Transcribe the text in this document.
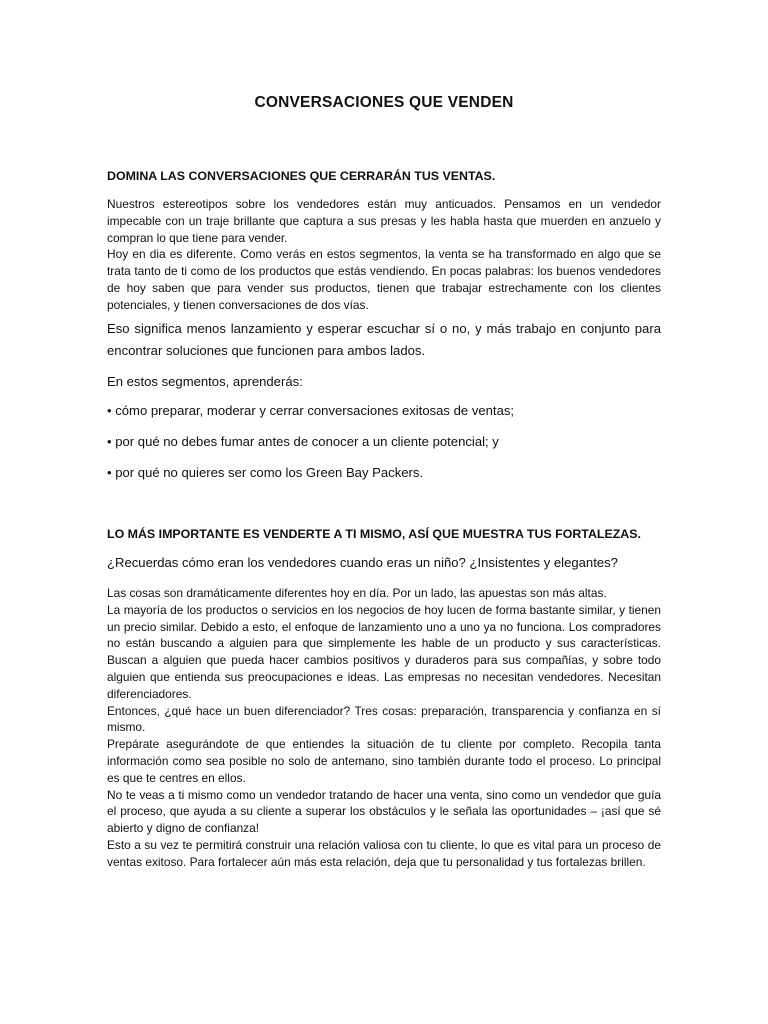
CONVERSACIONES QUE VENDEN

DOMINA LAS CONVERSACIONES QUE CERRARÁN TUS VENTAS.

Nuestros estereotipos sobre los vendedores están muy anticuados. Pensamos en un vendedor impecable con un traje brillante que captura a sus presas y les habla hasta que muerden en anzuelo y compran lo que tiene para vender.

Hoy en dia es diferente. Como verás en estos segmentos, la venta se ha transformado en algo que se trata tanto de ti como de los productos que estás vendiendo. En pocas palabras: los buenos vendedores de hoy saben que para vender sus productos, tienen que trabajar estrechamente con los clientes potenciales, y tienen conversaciones de dos vías.

Eso significa menos lanzamiento y esperar escuchar sí o no, y más trabajo en conjunto para encontrar soluciones que funcionen para ambos lados.

En estos segmentos, aprenderás:

• cómo preparar, moderar y cerrar conversaciones exitosas de ventas;

• por qué no debes fumar antes de conocer a un cliente potencial; y

• por qué no quieres ser como los Green Bay Packers.

LO MÁS IMPORTANTE ES VENDERTE A TI MISMO, ASÍ QUE MUESTRA TUS FORTALEZAS.

¿Recuerdas cómo eran los vendedores cuando eras un niño? ¿Insistentes y elegantes?

Las cosas son dramáticamente diferentes hoy en día. Por un lado, las apuestas son más altas.

La mayoría de los productos o servicios en los negocios de hoy lucen de forma bastante similar, y tienen un precio similar. Debido a esto, el enfoque de lanzamiento uno a uno ya no funciona. Los compradores no están buscando a alguien para que simplemente les hable de un producto y sus características. Buscan a alguien que pueda hacer cambios positivos y duraderos para sus compañías, y sobre todo alguien que entienda sus preocupaciones e ideas. Las empresas no necesitan vendedores. Necesitan diferenciadores.

Entonces, ¿qué hace un buen diferenciador? Tres cosas: preparación, transparencia y confianza en sí mismo.

Prepárate asegurándote de que entiendes la situación de tu cliente por completo. Recopila tanta información como sea posible no solo de antemano, sino también durante todo el proceso. Lo principal es que te centres en ellos.

No te veas a ti mismo como un vendedor tratando de hacer una venta, sino como un vendedor que guía el proceso, que ayuda a su cliente a superar los obstáculos y le señala las oportunidades – ¡así que sé abierto y digno de confianza!

Esto a su vez te permitirá construir una relación valiosa con tu cliente, lo que es vital para un proceso de ventas exitoso. Para fortalecer aún más esta relación, deja que tu personalidad y tus fortalezas brillen.
